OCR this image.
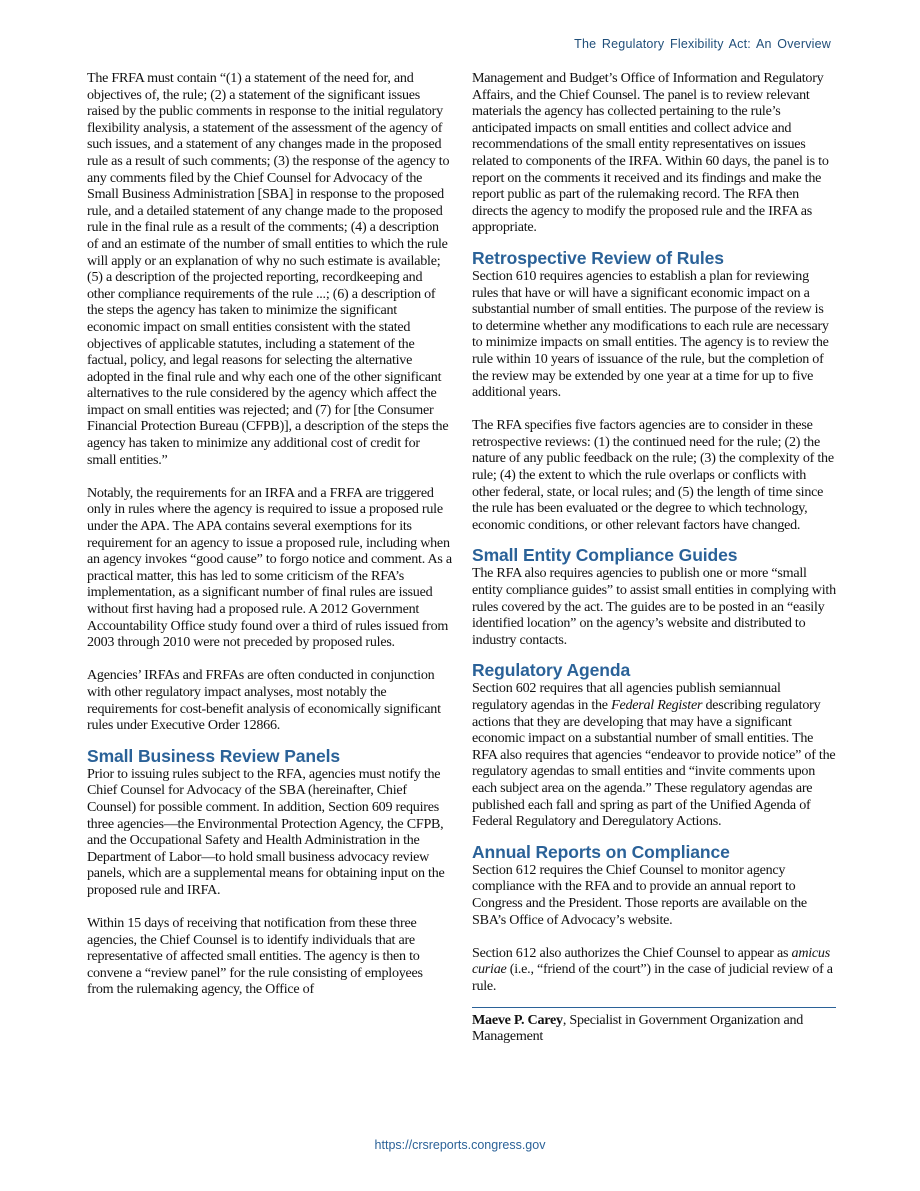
The Regulatory Flexibility Act: An Overview

The FRFA must contain “(1) a statement of the need for, and objectives of, the rule; (2) a statement of the significant issues raised by the public comments in response to the initial regulatory flexibility analysis, a statement of the assessment of the agency of such issues, and a statement of any changes made in the proposed rule as a result of such comments; (3) the response of the agency to any comments filed by the Chief Counsel for Advocacy of the Small Business Administration [SBA] in response to the proposed rule, and a detailed statement of any change made to the proposed rule in the final rule as a result of the comments; (4) a description of and an estimate of the number of small entities to which the rule will apply or an explanation of why no such estimate is available; (5) a description of the projected reporting, recordkeeping and other compliance requirements of the rule ...; (6) a description of the steps the agency has taken to minimize the significant economic impact on small entities consistent with the stated objectives of applicable statutes, including a statement of the factual, policy, and legal reasons for selecting the alternative adopted in the final rule and why each one of the other significant alternatives to the rule considered by the agency which affect the impact on small entities was rejected; and (7) for [the Consumer Financial Protection Bureau (CFPB)], a description of the steps the agency has taken to minimize any additional cost of credit for small entities.”

Notably, the requirements for an IRFA and a FRFA are triggered only in rules where the agency is required to issue a proposed rule under the APA. The APA contains several exemptions for its requirement for an agency to issue a proposed rule, including when an agency invokes “good cause” to forgo notice and comment. As a practical matter, this has led to some criticism of the RFA’s implementation, as a significant number of final rules are issued without first having had a proposed rule. A 2012 Government Accountability Office study found over a third of rules issued from 2003 through 2010 were not preceded by proposed rules.

Agencies’ IRFAs and FRFAs are often conducted in conjunction with other regulatory impact analyses, most notably the requirements for cost-benefit analysis of economically significant rules under Executive Order 12866.

Small Business Review Panels

Prior to issuing rules subject to the RFA, agencies must notify the Chief Counsel for Advocacy of the SBA (hereinafter, Chief Counsel) for possible comment. In addition, Section 609 requires three agencies—the Environmental Protection Agency, the CFPB, and the Occupational Safety and Health Administration in the Department of Labor—to hold small business advocacy review panels, which are a supplemental means for obtaining input on the proposed rule and IRFA.

Within 15 days of receiving that notification from these three agencies, the Chief Counsel is to identify individuals that are representative of affected small entities. The agency is then to convene a “review panel” for the rule consisting of employees from the rulemaking agency, the Office of

Management and Budget’s Office of Information and Regulatory Affairs, and the Chief Counsel. The panel is to review relevant materials the agency has collected pertaining to the rule’s anticipated impacts on small entities and collect advice and recommendations of the small entity representatives on issues related to components of the IRFA. Within 60 days, the panel is to report on the comments it received and its findings and make the report public as part of the rulemaking record. The RFA then directs the agency to modify the proposed rule and the IRFA as appropriate.

Retrospective Review of Rules

Section 610 requires agencies to establish a plan for reviewing rules that have or will have a significant economic impact on a substantial number of small entities. The purpose of the review is to determine whether any modifications to each rule are necessary to minimize impacts on small entities. The agency is to review the rule within 10 years of issuance of the rule, but the completion of the review may be extended by one year at a time for up to five additional years.

The RFA specifies five factors agencies are to consider in these retrospective reviews: (1) the continued need for the rule; (2) the nature of any public feedback on the rule; (3) the complexity of the rule; (4) the extent to which the rule overlaps or conflicts with other federal, state, or local rules; and (5) the length of time since the rule has been evaluated or the degree to which technology, economic conditions, or other relevant factors have changed.

Small Entity Compliance Guides

The RFA also requires agencies to publish one or more “small entity compliance guides” to assist small entities in complying with rules covered by the act. The guides are to be posted in an “easily identified location” on the agency’s website and distributed to industry contacts.

Regulatory Agenda

Section 602 requires that all agencies publish semiannual regulatory agendas in the Federal Register describing regulatory actions that they are developing that may have a significant economic impact on a substantial number of small entities. The RFA also requires that agencies “endeavor to provide notice” of the regulatory agendas to small entities and “invite comments upon each subject area on the agenda.” These regulatory agendas are published each fall and spring as part of the Unified Agenda of Federal Regulatory and Deregulatory Actions.

Annual Reports on Compliance

Section 612 requires the Chief Counsel to monitor agency compliance with the RFA and to provide an annual report to Congress and the President. Those reports are available on the SBA’s Office of Advocacy’s website.

Section 612 also authorizes the Chief Counsel to appear as amicus curiae (i.e., “friend of the court”) in the case of judicial review of a rule.

Maeve P. Carey, Specialist in Government Organization and Management

https://crsreports.congress.gov
